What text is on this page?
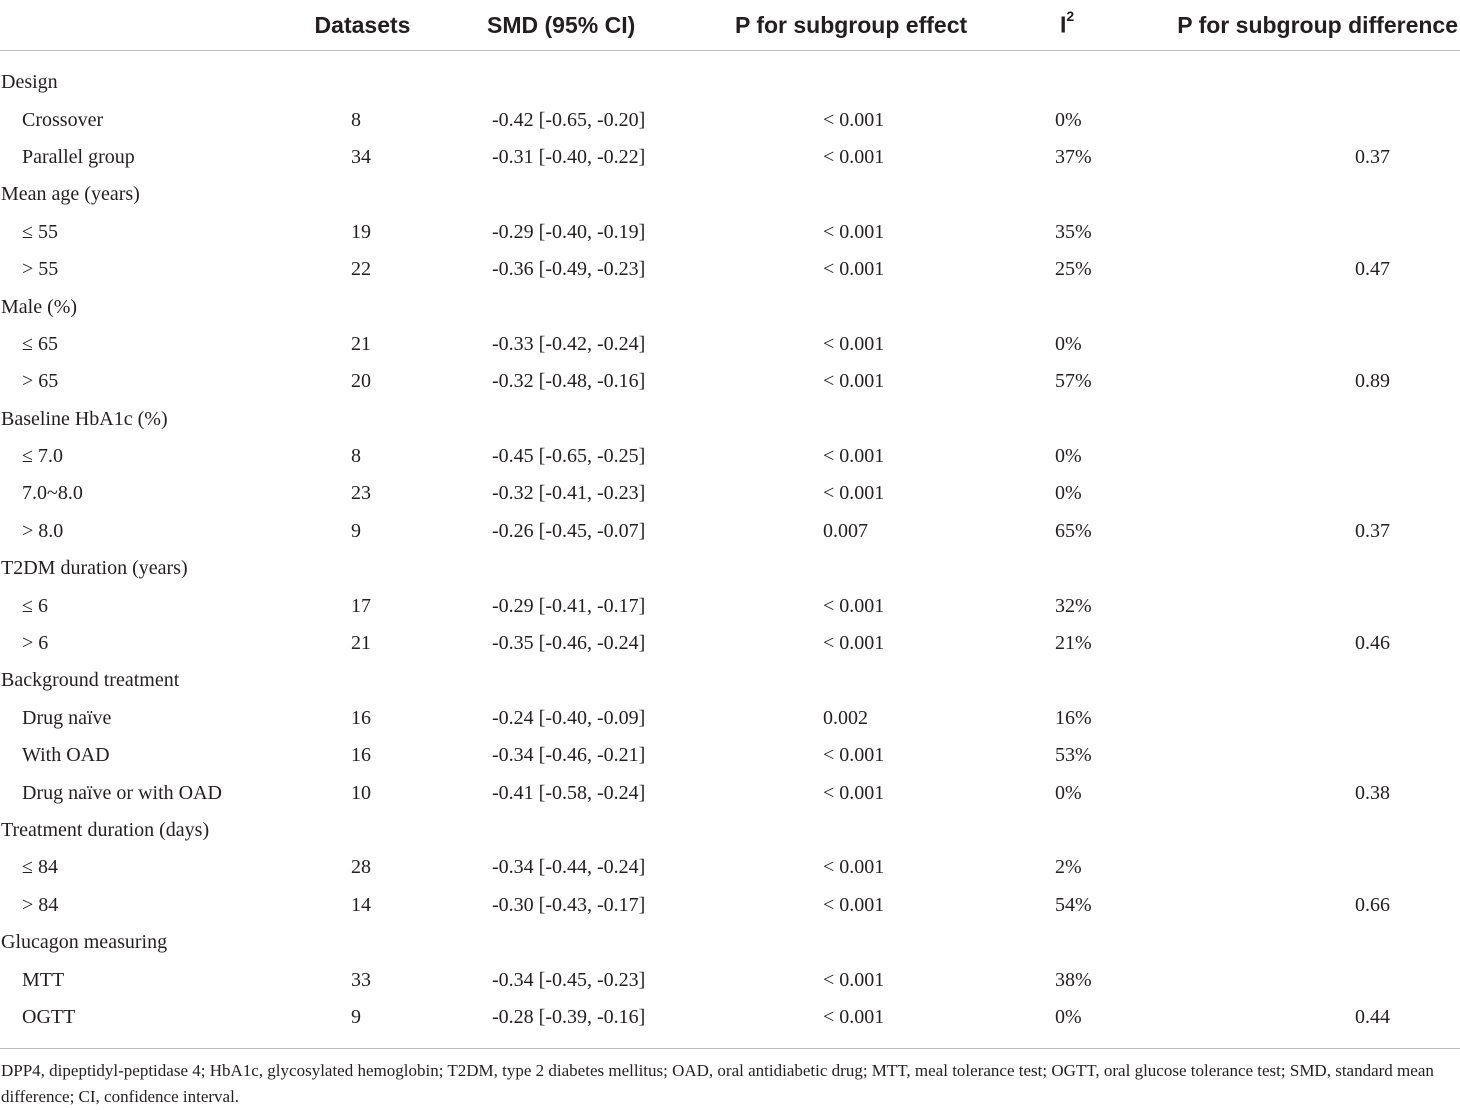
	Datasets	SMD (95% CI)	P for subgroup effect	$I^2$	P for subgroup difference

Design					
Crossover	8	-0.42 [-0.65, -0.20]	< 0.001	0%	
Parallel group	34	-0.31 [-0.40, -0.22]	< 0.001	37%	0.37
Mean age (years)					
≤ 55	19	-0.29 [-0.40, -0.19]	< 0.001	35%	
> 55	22	-0.36 [-0.49, -0.23]	< 0.001	25%	0.47
Male (%)					
≤ 65	21	-0.33 [-0.42, -0.24]	< 0.001	0%	
> 65	20	-0.32 [-0.48, -0.16]	< 0.001	57%	0.89
Baseline HbA1c (%)					
≤ 7.0	8	-0.45 [-0.65, -0.25]	< 0.001	0%	
7.0~8.0	23	-0.32 [-0.41, -0.23]	< 0.001	0%	
> 8.0	9	-0.26 [-0.45, -0.07]	0.007	65%	0.37
T2DM duration (years)					
≤ 6	17	-0.29 [-0.41, -0.17]	< 0.001	32%	
> 6	21	-0.35 [-0.46, -0.24]	< 0.001	21%	0.46
Background treatment					
Drug naïve	16	-0.24 [-0.40, -0.09]	0.002	16%	
With OAD	16	-0.34 [-0.46, -0.21]	< 0.001	53%	
Drug naïve or with OAD	10	-0.41 [-0.58, -0.24]	< 0.001	0%	0.38
Treatment duration (days)					
≤ 84	28	-0.34 [-0.44, -0.24]	< 0.001	2%	
> 84	14	-0.30 [-0.43, -0.17]	< 0.001	54%	0.66
Glucagon measuring					
MTT	33	-0.34 [-0.45, -0.23]	< 0.001	38%	
OGTT	9	-0.28 [-0.39, -0.16]	< 0.001	0%	0.44

DPP4, dipeptidyl-peptidase 4; HbA1c, glycosylated hemoglobin; T2DM, type 2 diabetes mellitus; OAD, oral antidiabetic drug; MTT, meal tolerance test; OGTT, oral glucose tolerance test; SMD, standard mean difference; CI, confidence interval.
